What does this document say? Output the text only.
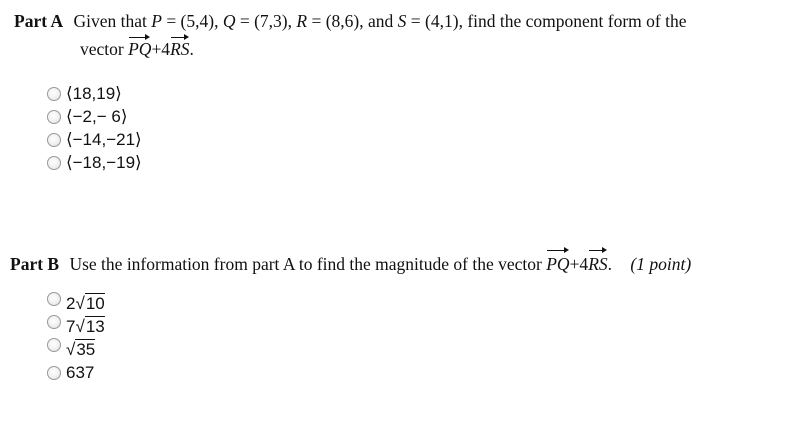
Part A Given that P = (5,4), Q = (7,3), R = (8,6), and S = (4,1), find the component form of the
vector PQ+4RS.
⟨18,19⟩
⟨−2,− 6⟩
⟨−14,−21⟩
⟨−18,−19⟩
Part B Use the information from part A to find the magnitude of the vector PQ+4RS. (1 point)
2√10
7√13
√35
637
